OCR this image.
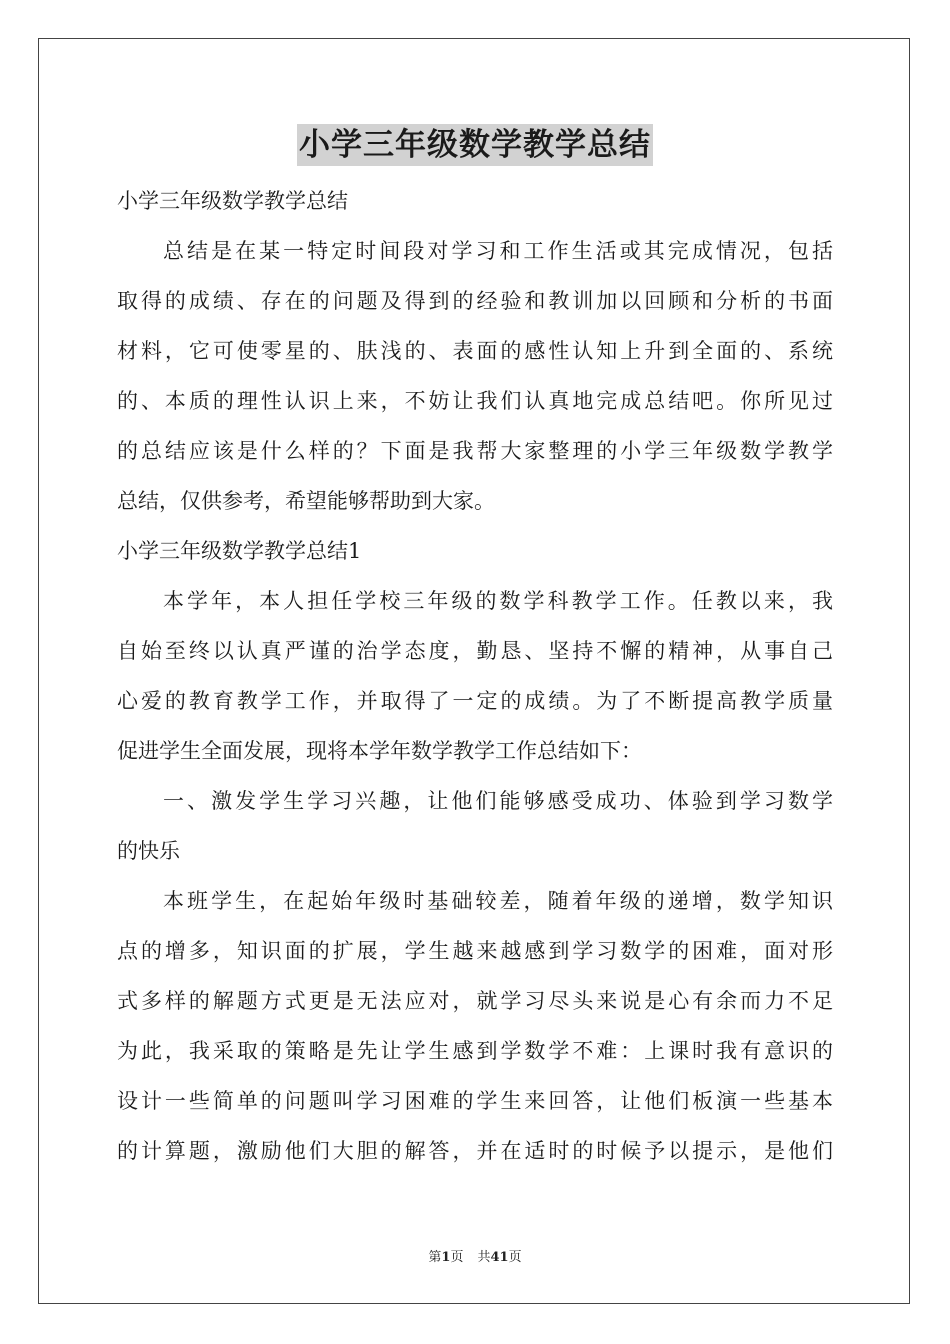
小学三年级数学教学总结
小学三年级数学教学总结
总结是在某一特定时间段对学习和工作生活或其完成情况，包括
取得的成绩、存在的问题及得到的经验和教训加以回顾和分析的书面
材料，它可使零星的、肤浅的、表面的感性认知上升到全面的、系统
的、本质的理性认识上来，不妨让我们认真地完成总结吧。你所见过
的总结应该是什么样的？下面是我帮大家整理的小学三年级数学教学
总结，仅供参考，希望能够帮助到大家。
小学三年级数学教学总结1
本学年，本人担任学校三年级的数学科教学工作。任教以来，我
自始至终以认真严谨的治学态度，勤恳、坚持不懈的精神，从事自己
心爱的教育教学工作，并取得了一定的成绩。为了不断提高教学质量
促进学生全面发展，现将本学年数学教学工作总结如下：
一、激发学生学习兴趣，让他们能够感受成功、体验到学习数学
的快乐
本班学生，在起始年级时基础较差，随着年级的递增，数学知识
点的增多，知识面的扩展，学生越来越感到学习数学的困难，面对形
式多样的解题方式更是无法应对，就学习尽头来说是心有余而力不足
为此，我采取的策略是先让学生感到学数学不难：上课时我有意识的
设计一些简单的问题叫学习困难的学生来回答，让他们板演一些基本
的计算题，激励他们大胆的解答，并在适时的时候予以提示，是他们
第1页 共41页
